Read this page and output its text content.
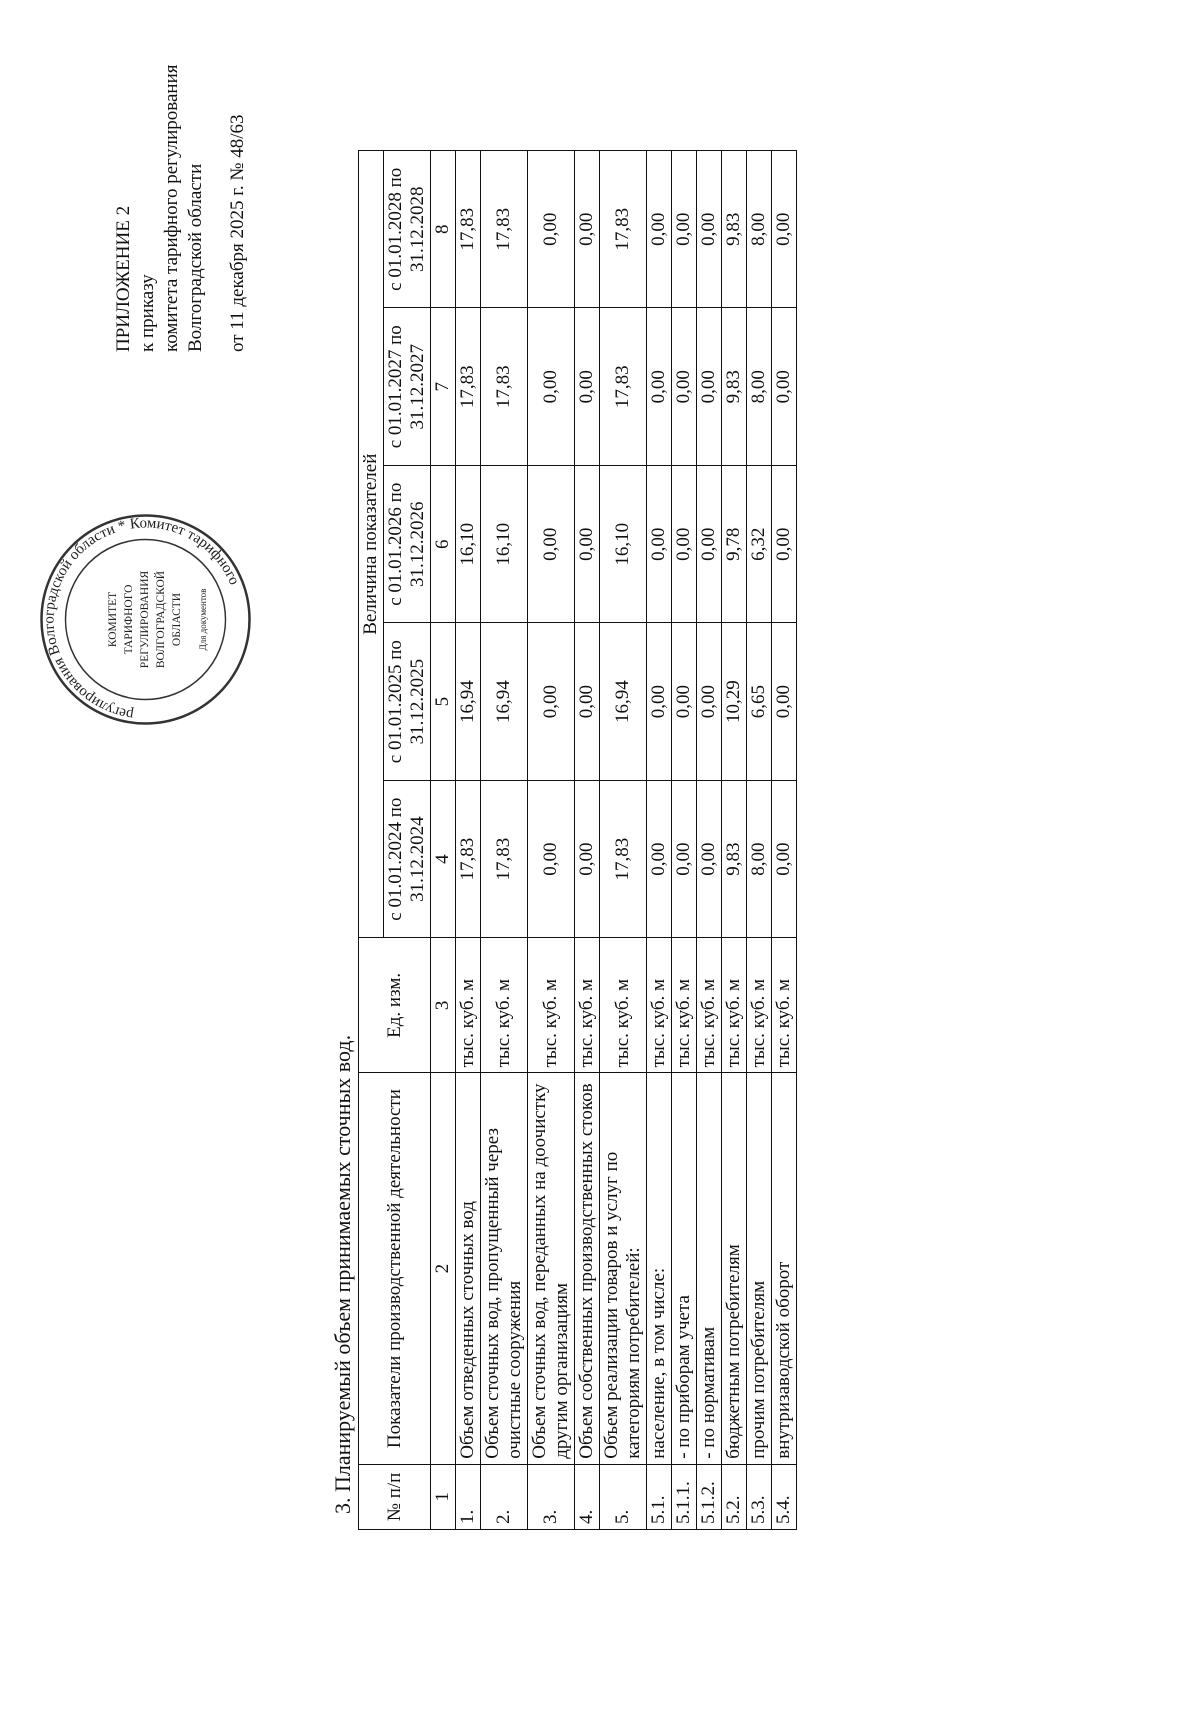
ПРИЛОЖЕНИЕ 2 к приказу комитета тарифного регулирования Волгоградской области от 11 декабря 2025 г. № 48/63
регулирования Волгоградской области * Комитет тарифного
КОМИТЕТ ТАРИФНОГО РЕГУЛИРОВАНИЯ ВОЛГОГРАДСКОЙ ОБЛАСТИ Для документов
3. Планируемый объем принимаемых сточных вод. № п/п	Показатели производственной деятельности	Ед. изм.	Величина показателей				
			с 01.01.2024 по 31.12.2024	с 01.01.2025 по 31.12.2025	с 01.01.2026 по 31.12.2026	с 01.01.2027 по 31.12.2027	с 01.01.2028 по 31.12.2028
1	2	3	4	5	6	7	8
1.	Объем отведенных сточных вод	тыс. куб. м	17,83	16,94	16,10	17,83	17,83
2.	Объем сточных вод, пропущенный через очистные сооружения	тыс. куб. м	17,83	16,94	16,10	17,83	17,83
3.	Объем сточных вод, переданных на доочистку другим организациям	тыс. куб. м	0,00	0,00	0,00	0,00	0,00
4.	Объем собственных производственных стоков	тыс. куб. м	0,00	0,00	0,00	0,00	0,00
5.	Объем реализации товаров и услуг по категориям потребителей:	тыс. куб. м	17,83	16,94	16,10	17,83	17,83
5.1.	население, в том числе:	тыс. куб. м	0,00	0,00	0,00	0,00	0,00
5.1.1.	- по приборам учета	тыс. куб. м	0,00	0,00	0,00	0,00	0,00
5.1.2.	- по нормативам	тыс. куб. м	0,00	0,00	0,00	0,00	0,00
5.2.	бюджетным потребителям	тыс. куб. м	9,83	10,29	9,78	9,83	9,83
5.3.	прочим потребителям	тыс. куб. м	8,00	6,65	6,32	8,00	8,00
5.4.	внутризаводской оборот	тыс. куб. м	0,00	0,00	0,00	0,00	0,00
